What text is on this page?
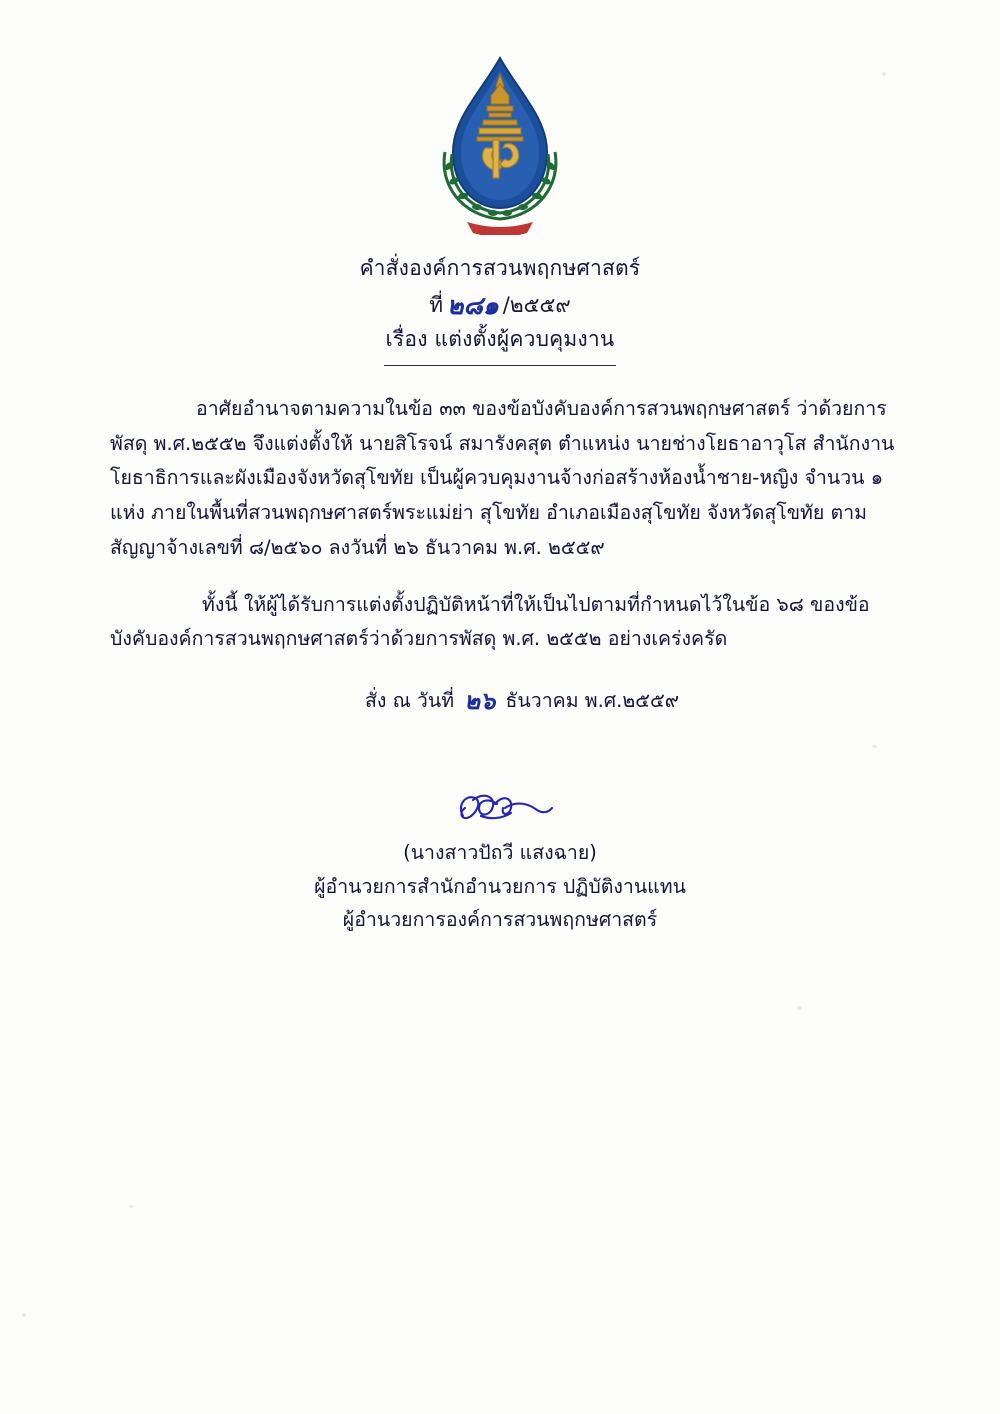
คำสั่งองค์การสวนพฤกษศาสตร์
ที่ ๒๘๑ /๒๕๕๙
เรื่อง แต่งตั้งผู้ควบคุมงาน

อาศัยอำนาจตามความในข้อ ๓๓ ของข้อบังคับองค์การสวนพฤกษศาสตร์ ว่าด้วยการพัสดุ พ.ศ.๒๕๕๒ จึงแต่งตั้งให้ นายสิโรจน์ สมารังคสุต ตำแหน่ง นายช่างโยธาอาวุโส สำนักงานโยธาธิการและผังเมืองจังหวัดสุโขทัย เป็นผู้ควบคุมงานจ้างก่อสร้างห้องน้ำชาย-หญิง จำนวน ๑ แห่ง ภายในพื้นที่สวนพฤกษศาสตร์พระแม่ย่า สุโขทัย อำเภอเมืองสุโขทัย จังหวัดสุโขทัย ตามสัญญาจ้างเลขที่ ๘/๒๕๖๐ ลงวันที่ ๒๖ ธันวาคม พ.ศ. ๒๕๕๙

ทั้งนี้ ให้ผู้ได้รับการแต่งตั้งปฏิบัติหน้าที่ให้เป็นไปตามที่กำหนดไว้ในข้อ ๖๘ ของข้อบังคับองค์การสวนพฤกษศาสตร์ว่าด้วยการพัสดุ พ.ศ. ๒๕๕๒ อย่างเคร่งครัด

สั่ง ณ วันที่ ๒๖ ธันวาคม พ.ศ.๒๕๕๙
(นางสาวปัถวี แสงฉาย)
ผู้อำนวยการสำนักอำนวยการ ปฏิบัติงานแทน
ผู้อำนวยการองค์การสวนพฤกษศาสตร์
